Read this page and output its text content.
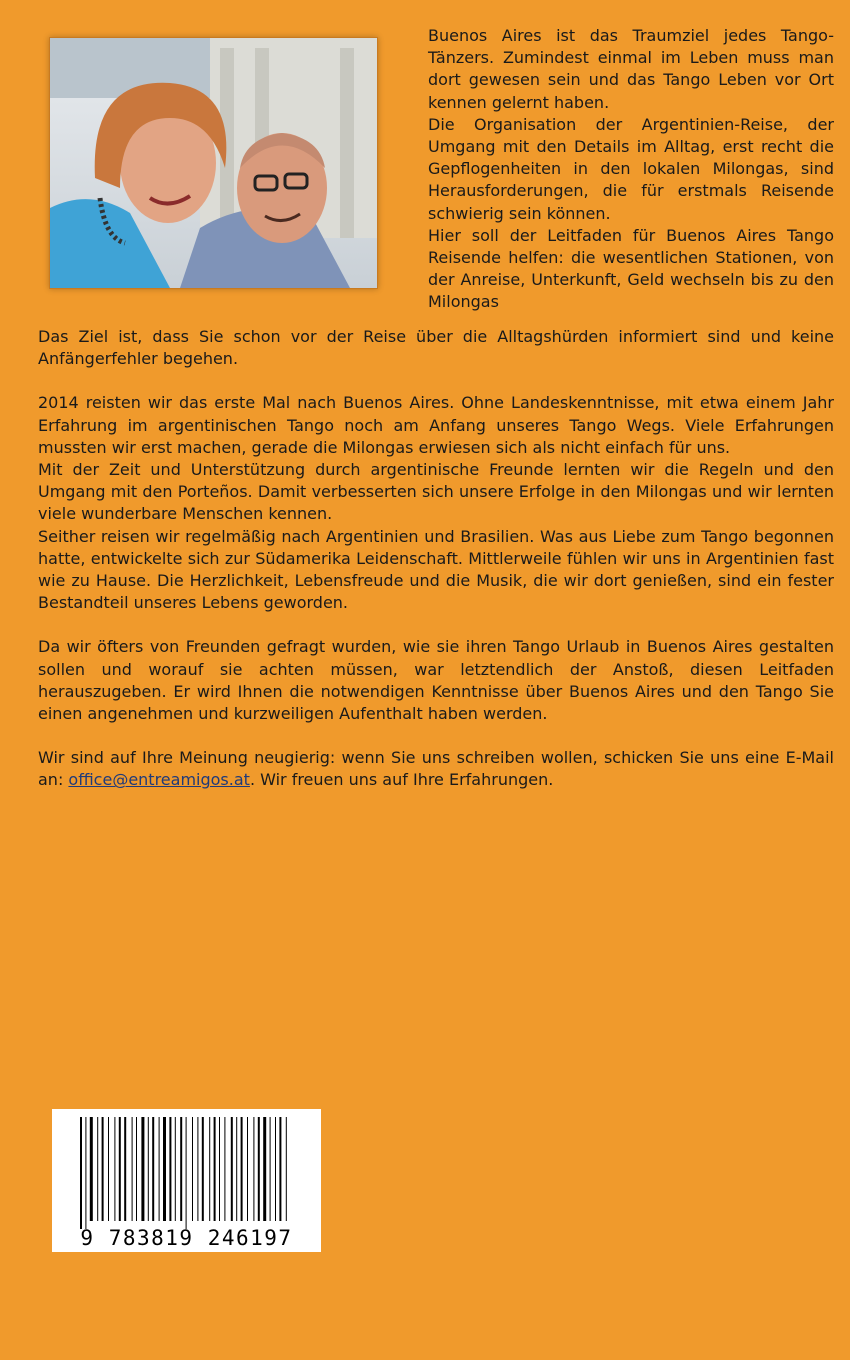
Buenos Aires ist das Traumziel jedes Tango-Tänzers. Zumindest einmal im Leben muss man dort gewesen sein und das Tango Leben vor Ort kennen gelernt haben.

Die Organisation der Argentinien-Reise, der Umgang mit den Details im Alltag, erst recht die Gepflogenheiten in den lokalen Milongas, sind Herausforderungen, die für erstmals Reisende schwierig sein können.

Hier soll der Leitfaden für Buenos Aires Tango Reisende helfen: die wesentlichen Stationen, von der Anreise, Unterkunft, Geld wechseln bis zu den Milongas

Das Ziel ist, dass Sie schon vor der Reise über die Alltagshürden informiert sind und keine Anfängerfehler begehen.

2014 reisten wir das erste Mal nach Buenos Aires. Ohne Landeskenntnisse, mit etwa einem Jahr Erfahrung im argentinischen Tango noch am Anfang unseres Tango Wegs. Viele Erfahrungen mussten wir erst machen, gerade die Milongas erwiesen sich als nicht einfach für uns.

Mit der Zeit und Unterstützung durch argentinische Freunde lernten wir die Regeln und den Umgang mit den Porteños. Damit verbesserten sich unsere Erfolge in den Milongas und wir lernten viele wunderbare Menschen kennen.

Seither reisen wir regelmäßig nach Argentinien und Brasilien. Was aus Liebe zum Tango begonnen hatte, entwickelte sich zur Südamerika Leidenschaft. Mittlerweile fühlen wir uns in Argentinien fast wie zu Hause. Die Herzlichkeit, Lebensfreude und die Musik, die wir dort genießen, sind ein fester Bestandteil unseres Lebens geworden.

Da wir öfters von Freunden gefragt wurden, wie sie ihren Tango Urlaub in Buenos Aires gestalten sollen und worauf sie achten müssen, war letztendlich der Anstoß, diesen Leitfaden herauszugeben. Er wird Ihnen die notwendigen Kenntnisse über Buenos Aires und den Tango Sie einen angenehmen und kurzweiligen Aufenthalt haben werden.

Wir sind auf Ihre Meinung neugierig: wenn Sie uns schreiben wollen, schicken Sie uns eine E-Mail an: office@entreamigos.at. Wir freuen uns auf Ihre Erfahrungen.

9 783819 246197
